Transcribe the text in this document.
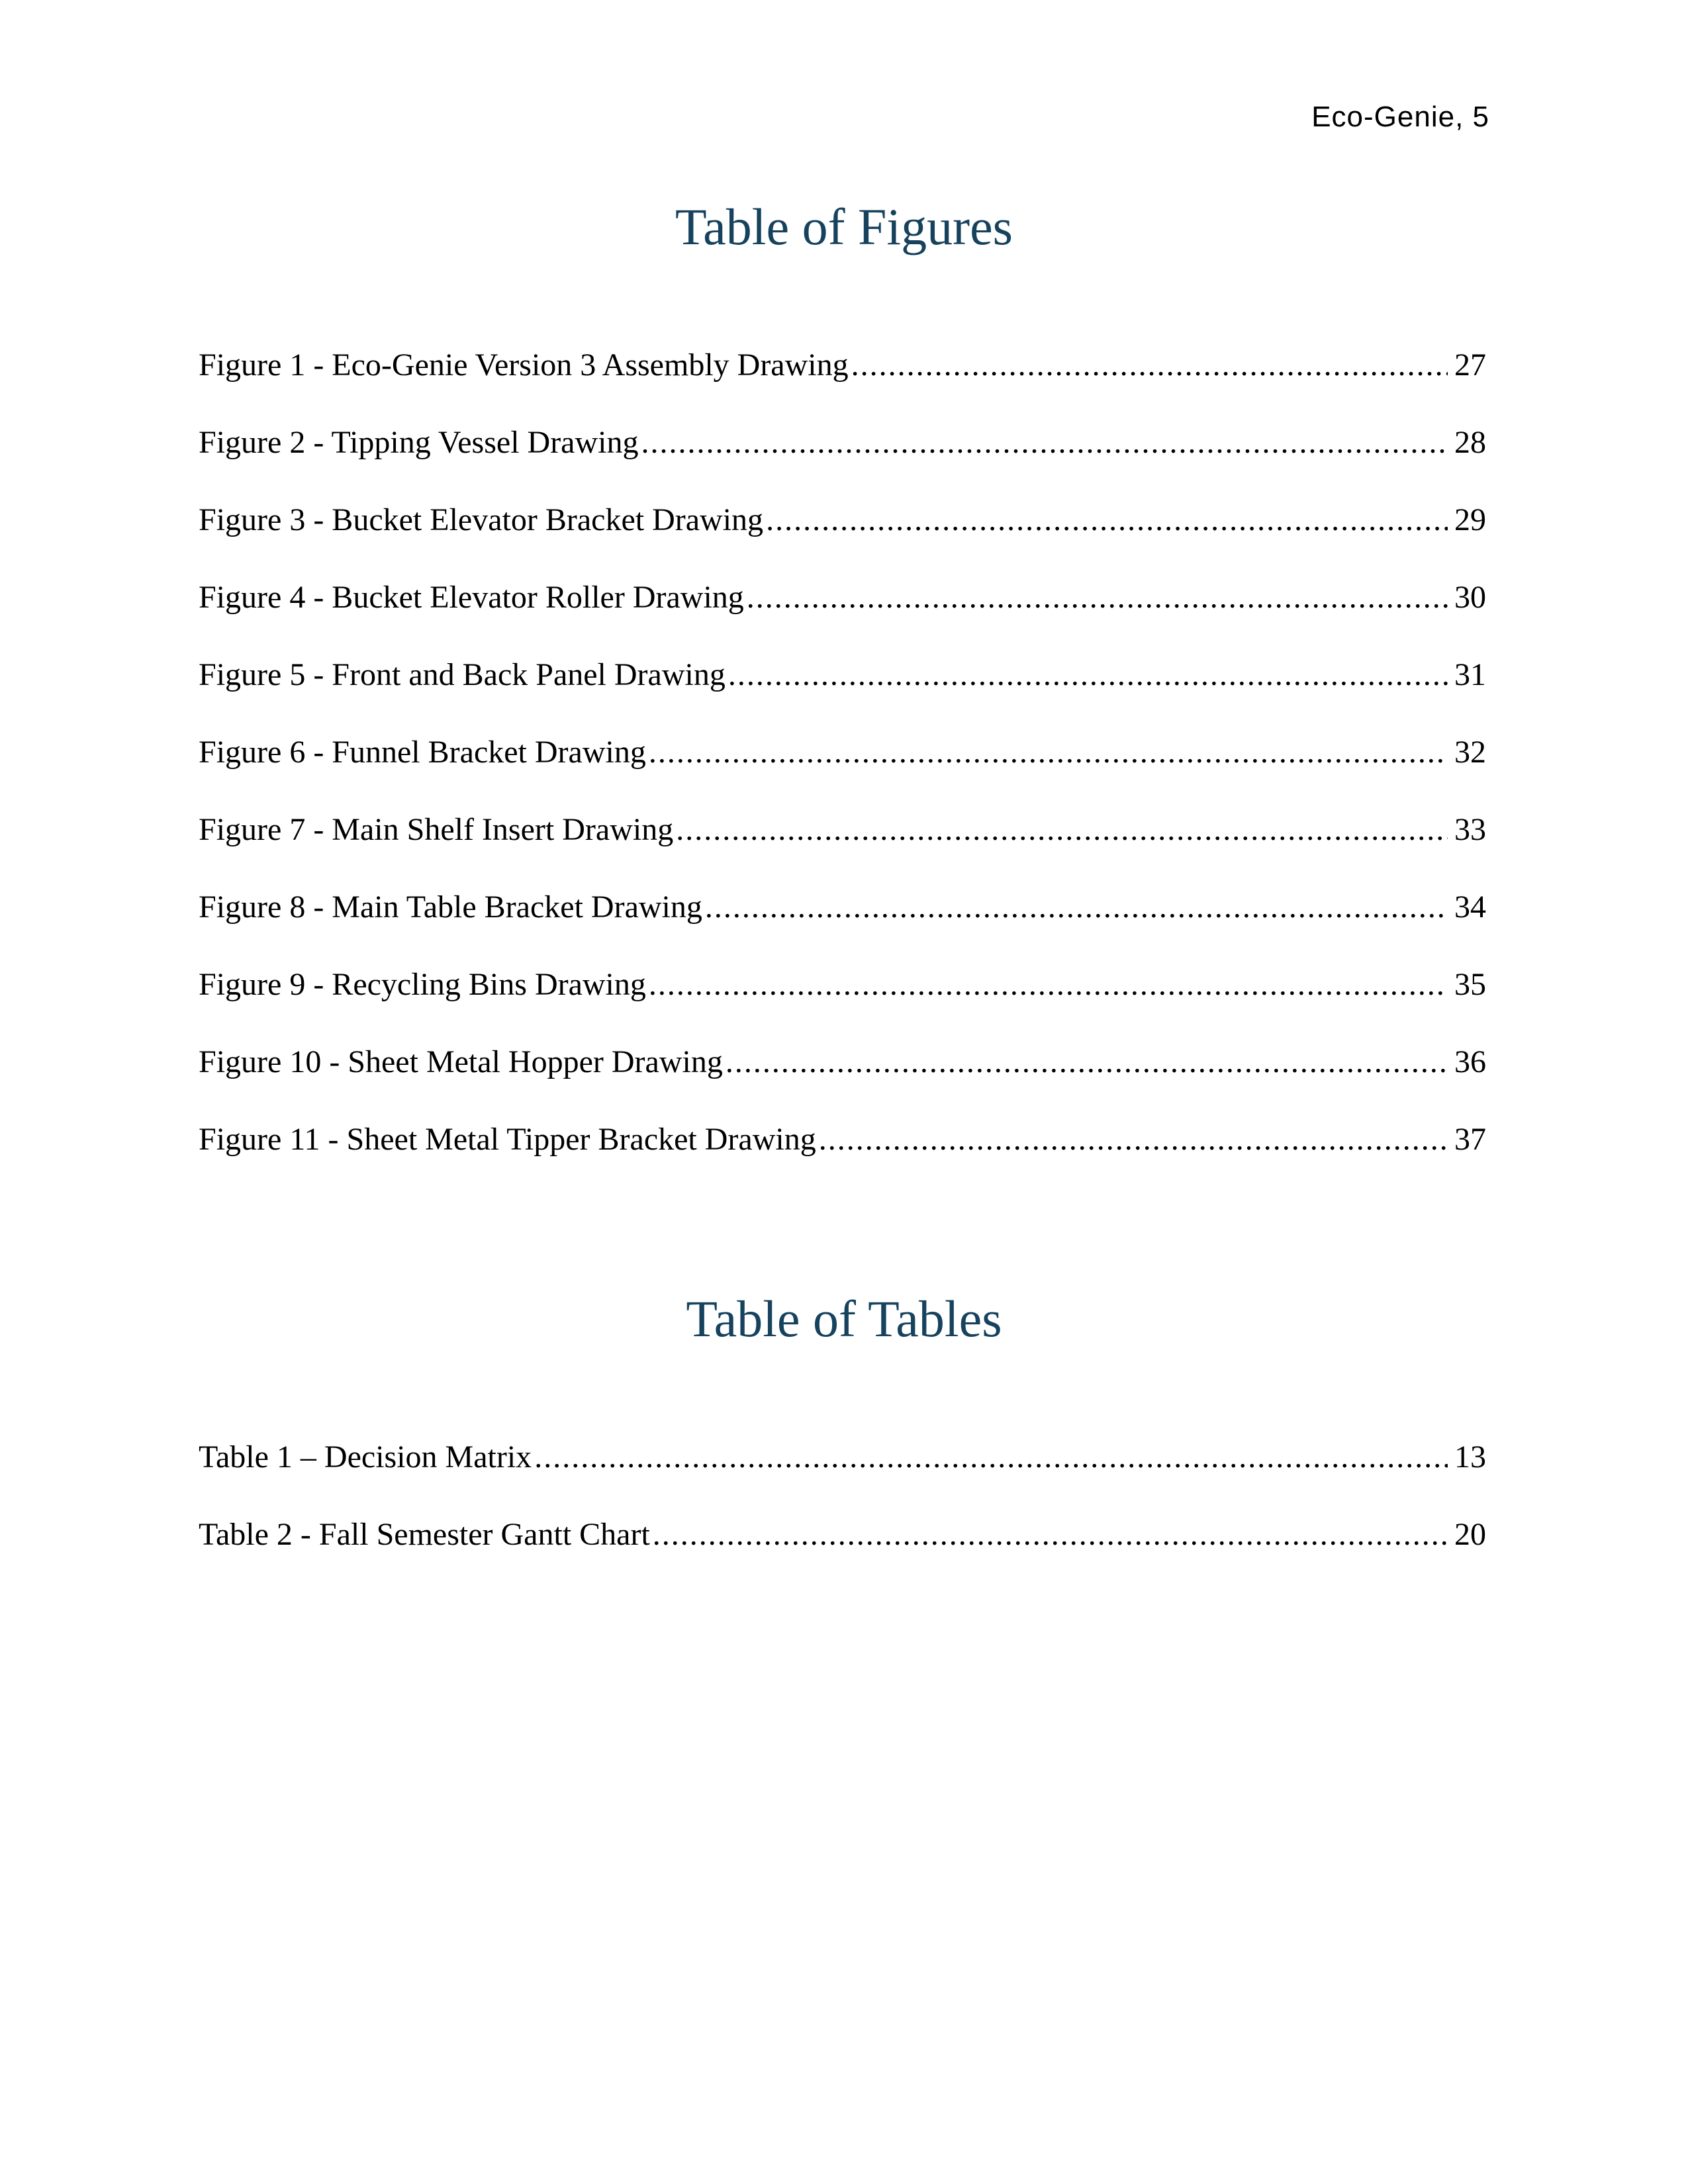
Eco-Genie, 5
Table of Figures
Figure 1 - Eco-Genie Version 3 Assembly Drawing .....	27
Figure 2 - Tipping Vessel Drawing .....	28
Figure 3 - Bucket Elevator Bracket Drawing .....	29
Figure 4 - Bucket Elevator Roller Drawing .....	30
Figure 5 - Front and Back Panel Drawing .....	31
Figure 6 - Funnel Bracket Drawing .....	32
Figure 7 - Main Shelf Insert Drawing .....	33
Figure 8 - Main Table Bracket Drawing .....	34
Figure 9 - Recycling Bins Drawing .....	35
Figure 10 - Sheet Metal Hopper Drawing .....	36
Figure 11 - Sheet Metal Tipper Bracket Drawing .....	37
Table of Tables
Table 1 – Decision Matrix .....	13
Table 2 - Fall Semester Gantt Chart .....	20
